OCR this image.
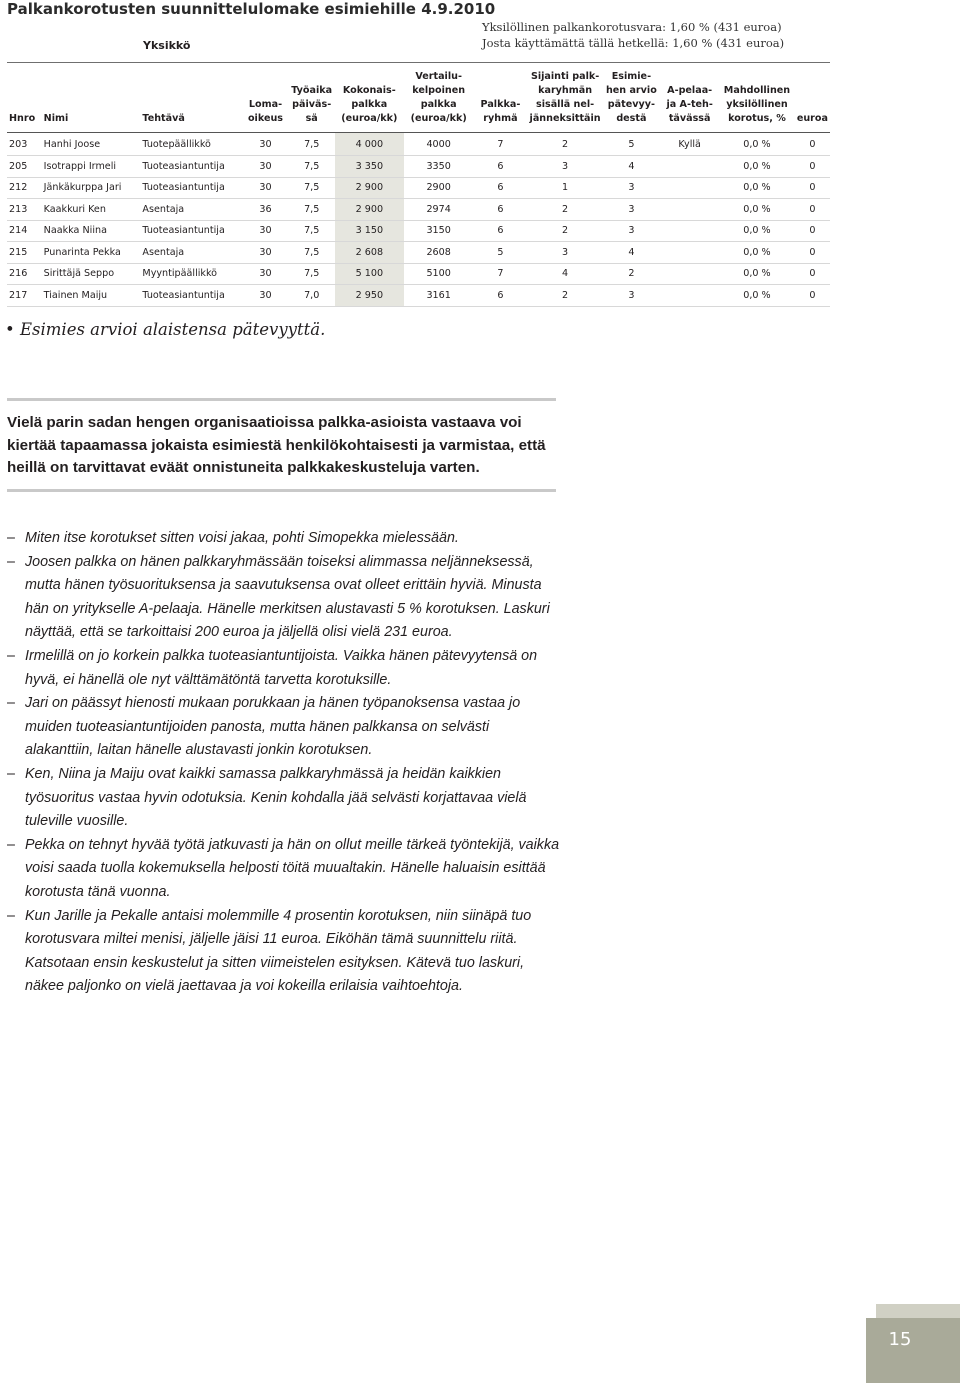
Palkankorotusten suunnittelulomake esimiehille 4.9.2010
Yksikkö
Yksilöllinen palkankorotusvara: 1,60 % (431 euroa)
Josta käyttämättä tällä hetkellä: 1,60 % (431 euroa)
Hnro	Nimi	Tehtävä	Loma-
oikeus	Työaika
päiväs-
sä	Kokonais-
palkka
(euroa/kk)	Vertailu-
kelpoinen
palkka
(euroa/kk)	Palkka-
ryhmä	Sijainti palk-
karyhmän
sisällä nel-
jänneksittäin	Esimie-
hen arvio
pätevyy-
destä	A-pelaa-
ja A-teh-
tävässä	Mahdollinen
yksilöllinen
korotus, %	euroa
203	Hanhi Joose	Tuotepäällikkö	30	7,5	4 000	4000	7	2	5	Kyllä	0,0 %	0
205	Isotrappi Irmeli	Tuoteasiantuntija	30	7,5	3 350	3350	6	3	4		0,0 %	0
212	Jänkäkurppa Jari	Tuoteasiantuntija	30	7,5	2 900	2900	6	1	3		0,0 %	0
213	Kaakkuri Ken	Asentaja	36	7,5	2 900	2974	6	2	3		0,0 %	0
214	Naakka Niina	Tuoteasiantuntija	30	7,5	3 150	3150	6	2	3		0,0 %	0
215	Punarinta Pekka	Asentaja	30	7,5	2 608	2608	5	3	4		0,0 %	0
216	Sirittäjä Seppo	Myyntipäällikkö	30	7,5	5 100	5100	7	4	2		0,0 %	0
217	Tiainen Maiju	Tuoteasiantuntija	30	7,0	2 950	3161	6	2	3		0,0 %	0
• Esimies arvioi alaistensa pätevyyttä.
Vielä parin sadan hengen organisaatioissa palkka-asioista vastaava voi kiertää tapaamassa jokaista esimiestä henkilökohtaisesti ja varmistaa, että heillä on tarvittavat eväät onnistuneita palkkakeskusteluja varten.
– Miten itse korotukset sitten voisi jakaa, pohti Simopekka mielessään.
– Joosen palkka on hänen palkkaryhmässään toiseksi alimmassa neljänneksessä, mutta hänen työsuorituksensa ja saavutuksensa ovat olleet erittäin hyviä. Minusta hän on yritykselle A-pelaaja. Hänelle merkitsen alustavasti 5 % korotuksen. Laskuri näyttää, että se tarkoittaisi 200 euroa ja jäljellä olisi vielä 231 euroa.
– Irmelillä on jo korkein palkka tuoteasiantuntijoista. Vaikka hänen pätevyytensä on hyvä, ei hänellä ole nyt välttämätöntä tarvetta korotuksille.
– Jari on päässyt hienosti mukaan porukkaan ja hänen työpanoksensa vastaa jo muiden tuoteasiantuntijoiden panosta, mutta hänen palkkansa on selvästi alakanttiin, laitan hänelle alustavasti jonkin korotuksen.
– Ken, Niina ja Maiju ovat kaikki samassa palkkaryhmässä ja heidän kaikkien työsuoritus vastaa hyvin odotuksia. Kenin kohdalla jää selvästi korjattavaa vielä tuleville vuosille.
– Pekka on tehnyt hyvää työtä jatkuvasti ja hän on ollut meille tärkeä työntekijä, vaikka voisi saada tuolla kokemuksella helposti töitä muualtakin. Hänelle haluaisin esittää korotusta tänä vuonna.
– Kun Jarille ja Pekalle antaisi molemmille 4 prosentin korotuksen, niin siinäpä tuo korotusvara miltei menisi, jäljelle jäisi 11 euroa. Eiköhän tämä suunnittelu riitä. Katsotaan ensin keskustelut ja sitten viimeistelen esityksen. Kätevä tuo laskuri, näkee paljonko on vielä jaettavaa ja voi kokeilla erilaisia vaihtoehtoja.
15
